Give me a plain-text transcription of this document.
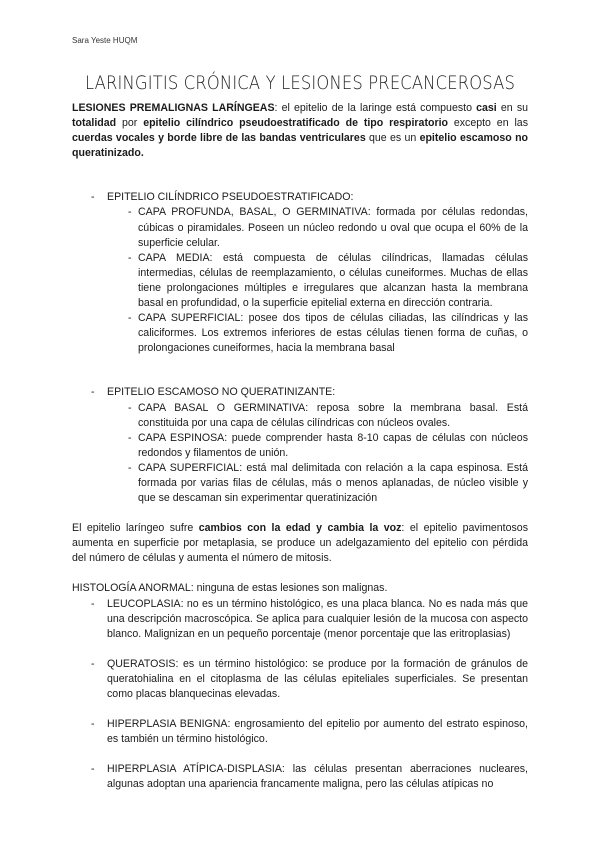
Sara Yeste HUQM
LARINGITIS CRÓNICA Y LESIONES PRECANCEROSAS

LESIONES PREMALIGNAS LARÍNGEAS: el epitelio de la laringe está compuesto casi en su totalidad por epitelio cilíndrico pseudoestratificado de tipo respiratorio excepto en las cuerdas vocales y borde libre de las bandas ventriculares que es un epitelio escamoso no queratinizado.

- EPITELIO CILÍNDRICO PSEUDOESTRATIFICADO:
- CAPA PROFUNDA, BASAL, O GERMINATIVA: formada por células redondas, cúbicas o piramidales. Poseen un núcleo redondo u oval que ocupa el 60% de la superficie celular.
- CAPA MEDIA: está compuesta de células cilíndricas, llamadas células intermedias, células de reemplazamiento, o células cuneiformes. Muchas de ellas tiene prolongaciones múltiples e irregulares que alcanzan hasta la membrana basal en profundidad, o la superficie epitelial externa en dirección contraria.
- CAPA SUPERFICIAL: posee dos tipos de células ciliadas, las cilíndricas y las caliciformes. Los extremos inferiores de estas células tienen forma de cuñas, o prolongaciones cuneiformes, hacia la membrana basal
- EPITELIO ESCAMOSO NO QUERATINIZANTE:
- CAPA BASAL O GERMINATIVA: reposa sobre la membrana basal. Está constituida por una capa de células cilíndricas con núcleos ovales.
- CAPA ESPINOSA: puede comprender hasta 8-10 capas de células con núcleos redondos y filamentos de unión.
- CAPA SUPERFICIAL: está mal delimitada con relación a la capa espinosa. Está formada por varias filas de células, más o menos aplanadas, de núcleo visible y que se descaman sin experimentar queratinización

El epitelio laríngeo sufre cambios con la edad y cambia la voz: el epitelio pavimentosos aumenta en superficie por metaplasia, se produce un adelgazamiento del epitelio con pérdida del número de células y aumenta el número de mitosis.

HISTOLOGÍA ANORMAL: ninguna de estas lesiones son malignas.

- LEUCOPLASIA: no es un término histológico, es una placa blanca. No es nada más que una descripción macroscópica. Se aplica para cualquier lesión de la mucosa con aspecto blanco. Malignizan en un pequeño porcentaje (menor porcentaje que las eritroplasias)
- QUERATOSIS: es un término histológico: se produce por la formación de gránulos de queratohialina en el citoplasma de las células epiteliales superficiales. Se presentan como placas blanquecinas elevadas.
- HIPERPLASIA BENIGNA: engrosamiento del epitelio por aumento del estrato espinoso, es también un término histológico.
- HIPERPLASIA ATÍPICA-DISPLASIA: las células presentan aberraciones nucleares, algunas adoptan una apariencia francamente maligna, pero las células atípicas no
